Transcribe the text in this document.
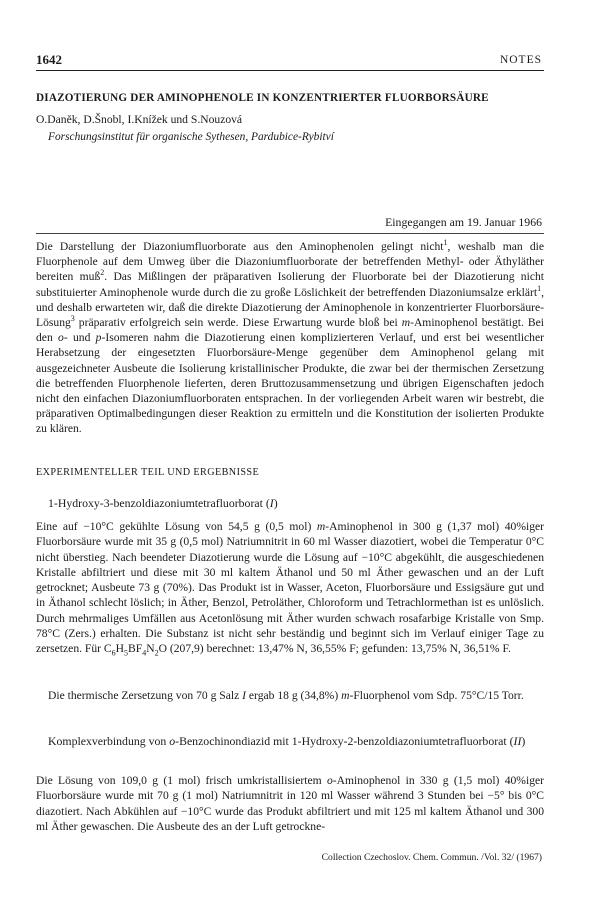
1642	NOTES
DIAZOTIERUNG DER AMINOPHENOLE IN KONZENTRIERTER FLUORBORSÄURE
O.Daněk, D.Šnobl, I.Knížek und S.Nouzová
Forschungsinstitut für organische Sythesen, Pardubice-Rybitví
Eingegangen am 19. Januar 1966

Die Darstellung der Diazoniumfluorborate aus den Aminophenolen gelingt nicht$^1$, weshalb man die Fluorphenole auf dem Umweg über die Diazoniumfluorborate der betreffenden Methyl- oder Äthyläther bereiten muß$^2$. Das Mißlingen der präparativen Isolierung der Fluorborate bei der Diazotierung nicht substituierter Aminophenole wurde durch die zu große Löslichkeit der betreffenden Diazoniumsalze erklärt$^1$, und deshalb erwarteten wir, daß die direkte Diazotierung der Aminophenole in konzentrierter Fluorborsäure-Lösung$^3$ präparativ erfolgreich sein werde. Diese Erwartung wurde bloß bei m-Aminophenol bestätigt. Bei den o- und p-Isomeren nahm die Diazotierung einen komplizierteren Verlauf, und erst bei wesentlicher Herabsetzung der eingesetzten Fluorborsäure-Menge gegenüber dem Aminophenol gelang mit ausgezeichneter Ausbeute die Isolierung kristallinischer Produkte, die zwar bei der thermischen Zersetzung die betreffenden Fluorphenole lieferten, deren Bruttozusammensetzung und übrigen Eigenschaften jedoch nicht den einfachen Diazoniumfluorboraten entsprachen. In der vorliegenden Arbeit waren wir bestrebt, die präparativen Optimalbedingungen dieser Reaktion zu ermitteln und die Konstitution der isolierten Produkte zu klären.

EXPERIMENTELLER TEIL UND ERGEBNISSE
1-Hydroxy-3-benzoldiazoniumtetrafluorborat (I)
Eine auf −10°C gekühlte Lösung von 54,5 g (0,5 mol) m-Aminophenol in 300 g (1,37 mol) 40%iger Fluorborsäure wurde mit 35 g (0,5 mol) Natriumnitrit in 60 ml Wasser diazotiert, wobei die Temperatur 0°C nicht überstieg. Nach beendeter Diazotierung wurde die Lösung auf −10°C abgekühlt, die ausgeschiedenen Kristalle abfiltriert und diese mit 30 ml kaltem Äthanol und 50 ml Äther gewaschen und an der Luft getrocknet; Ausbeute 73 g (70%). Das Produkt ist in Wasser, Aceton, Fluorborsäure und Essigsäure gut und in Äthanol schlecht löslich; in Äther, Benzol, Petroläther, Chloroform und Tetrachlormethan ist es unlöslich. Durch mehrmaliges Umfällen aus Acetonlösung mit Äther wurden schwach rosafarbige Kristalle von Smp. 78°C (Zers.) erhalten. Die Substanz ist nicht sehr beständig und beginnt sich im Verlauf einiger Tage zu zersetzen. Für $C_6H_5BF_4N_2O$ (207,9) berechnet: 13,47% N, 36,55% F; gefunden: 13,75% N, 36,51% F.
Die thermische Zersetzung von 70 g Salz I ergab 18 g (34,8%) m-Fluorphenol vom Sdp. 75°C/15 Torr.
Komplexverbindung von o-Benzochinondiazid mit 1-Hydroxy-2-benzoldiazoniumtetrafluorborat (II)
Die Lösung von 109,0 g (1 mol) frisch umkristallisiertem o-Aminophenol in 330 g (1,5 mol) 40%iger Fluorborsäure wurde mit 70 g (1 mol) Natriumnitrit in 120 ml Wasser während 3 Stunden bei −5° bis 0°C diazotiert. Nach Abkühlen auf −10°C wurde das Produkt abfiltriert und mit 125 ml kaltem Äthanol und 300 ml Äther gewaschen. Die Ausbeute des an der Luft getrockne-
Collection Czechoslov. Chem. Commun. /Vol. 32/ (1967)
